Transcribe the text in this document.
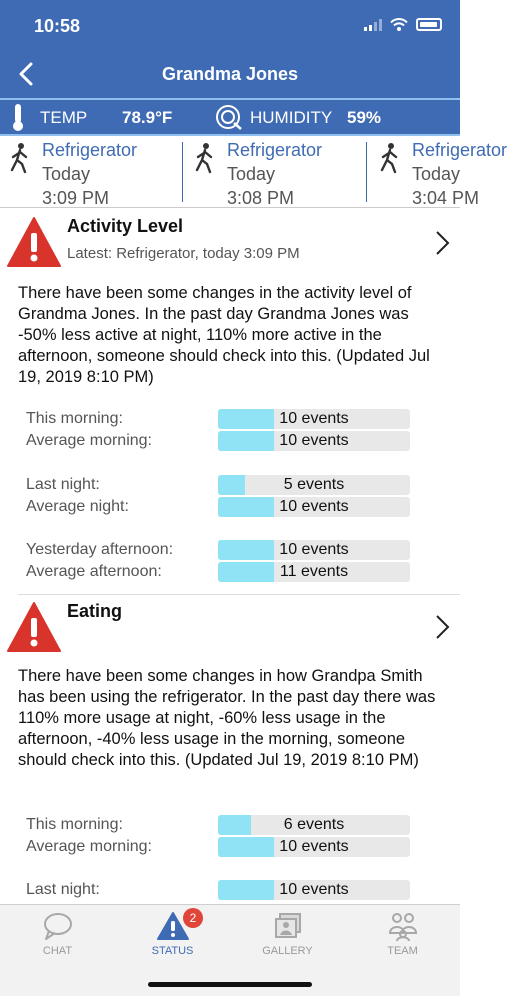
10:58
Grandma Jones
TEMP 78.9°F	HUMIDITY 59%
Refrigerator
Today
3:09 PM
Refrigerator
Today
3:08 PM
Refrigerator
Today
3:04 PM
Activity Level
Latest: Refrigerator, today 3:09 PM
There have been some changes in the activity level of Grandma Jones. In the past day Grandma Jones was -50% less active at night, 110% more active in the afternoon, someone should check into this. (Updated Jul 19, 2019 8:10 PM)
This morning:	10 events
Average morning:	10 events
Last night:	5 events
Average night:	10 events
Yesterday afternoon:	10 events
Average afternoon:	11 events
Eating
There have been some changes in how Grandpa Smith has been using the refrigerator. In the past day there was 110% more usage at night, -60% less usage in the afternoon, -40% less usage in the morning, someone should check into this. (Updated Jul 19, 2019 8:10 PM)
This morning:	6 events
Average morning:	10 events
Last night:	10 events
CHAT
2
STATUS	GALLERY	TEAM
